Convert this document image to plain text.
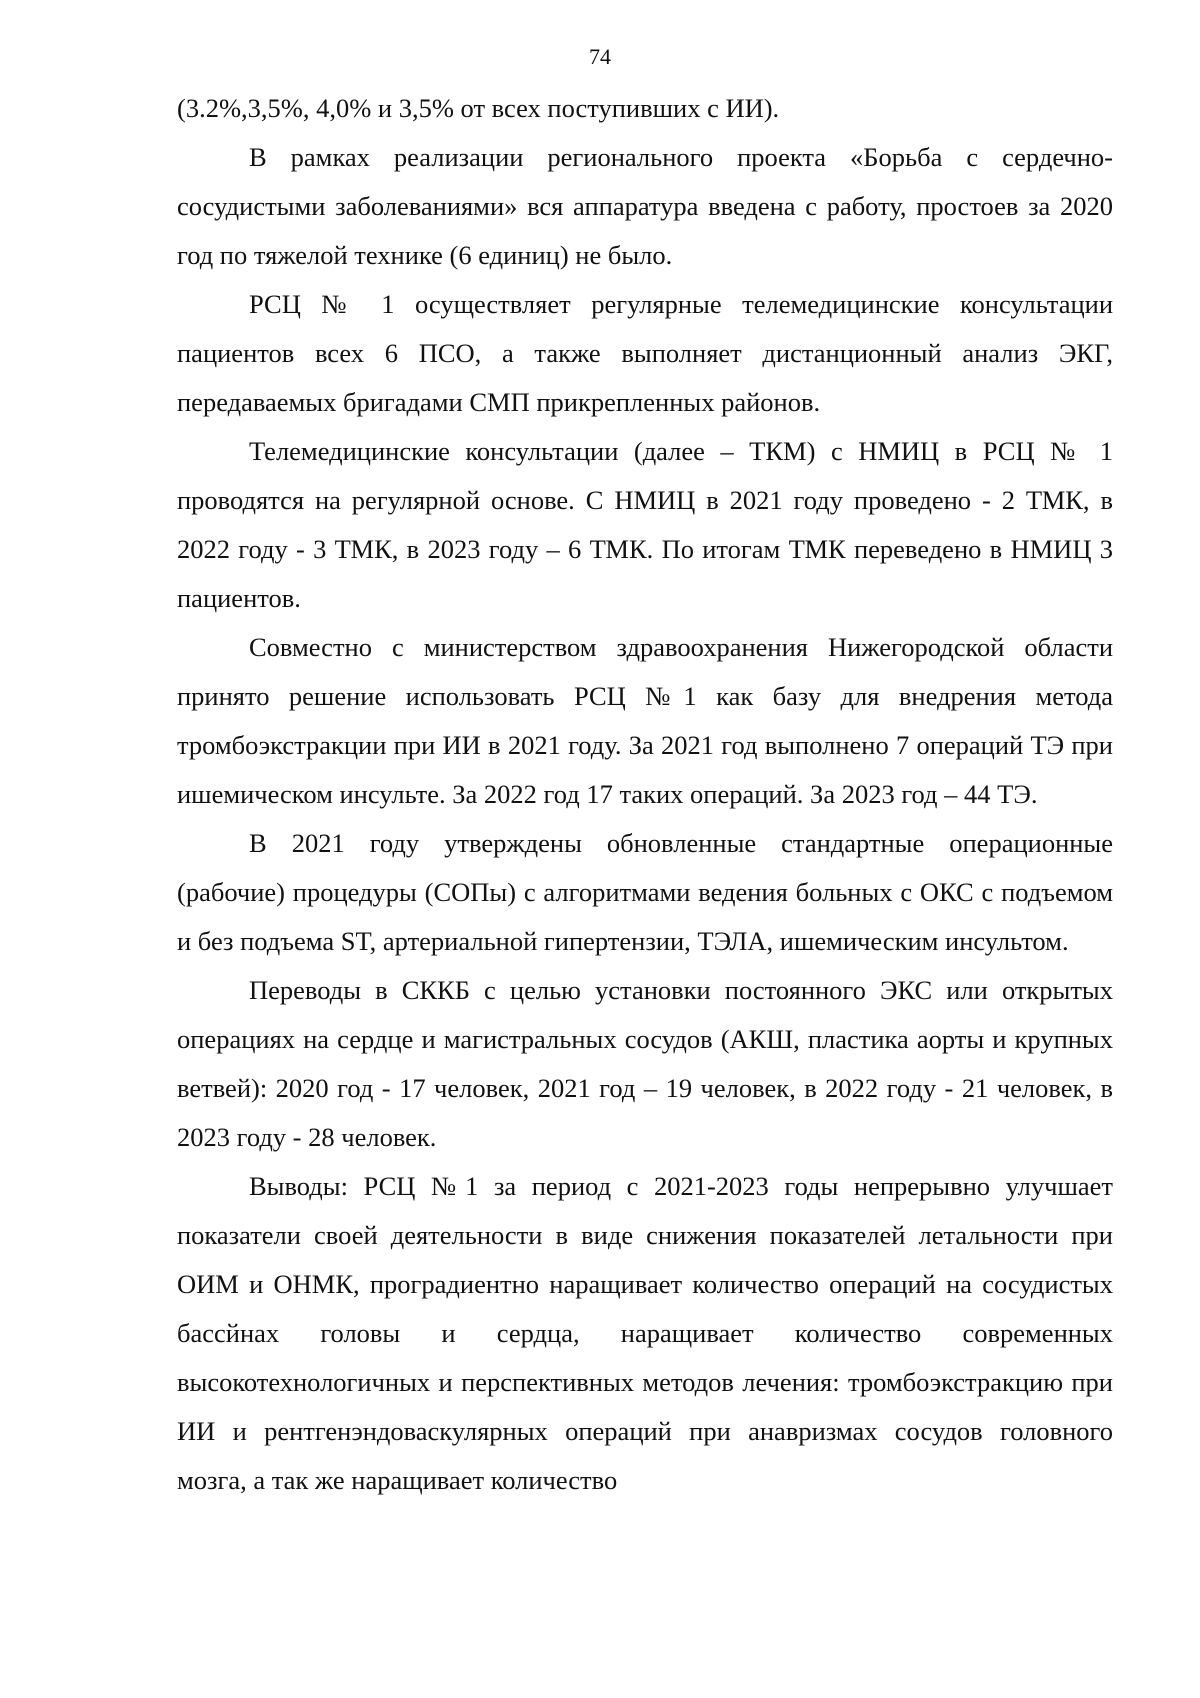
74

(3.2%,3,5%, 4,0% и 3,5% от всех поступивших с ИИ).

В рамках реализации регионального проекта «Борьба с сердечно-сосудистыми заболеваниями» вся аппаратура введена с работу, простоев за 2020 год по тяжелой технике (6 единиц) не было.

РСЦ № 1 осуществляет регулярные телемедицинские консультации пациентов всех 6 ПСО, а также выполняет дистанционный анализ ЭКГ, передаваемых бригадами СМП прикрепленных районов.

Телемедицинские консультации (далее – ТКМ) с НМИЦ в РСЦ № 1 проводятся на регулярной основе. С НМИЦ в 2021 году проведено - 2 ТМК, в 2022 году - 3 ТМК, в 2023 году – 6 ТМК. По итогам ТМК переведено в НМИЦ 3 пациентов.

Совместно с министерством здравоохранения Нижегородской области принято решение использовать РСЦ №1 как базу для внедрения метода тромбоэкстракции при ИИ в 2021 году. За 2021 год выполнено 7 операций ТЭ при ишемическом инсульте. За 2022 год 17 таких операций. За 2023 год – 44 ТЭ.

В 2021 году утверждены обновленные стандартные операционные (рабочие) процедуры (СОПы) с алгоритмами ведения больных с ОКС с подъемом и без подъема ST, артериальной гипертензии, ТЭЛА, ишемическим инсультом.

Переводы в СККБ с целью установки постоянного ЭКС или открытых операциях на сердце и магистральных сосудов (АКШ, пластика аорты и крупных ветвей): 2020 год - 17 человек, 2021 год – 19 человек, в 2022 году - 21 человек, в 2023 году - 28 человек.

Выводы: РСЦ №1 за период с 2021-2023 годы непрерывно улучшает показатели своей деятельности в виде снижения показателей летальности при ОИМ и ОНМК, проградиентно наращивает количество операций на сосудистых бассйнах головы и сердца, наращивает количество современных высокотехнологичных и перспективных методов лечения: тромбоэкстракцию при ИИ и рентгенэндоваскулярных операций при анавризмах сосудов головного мозга, а так же наращивает количество
